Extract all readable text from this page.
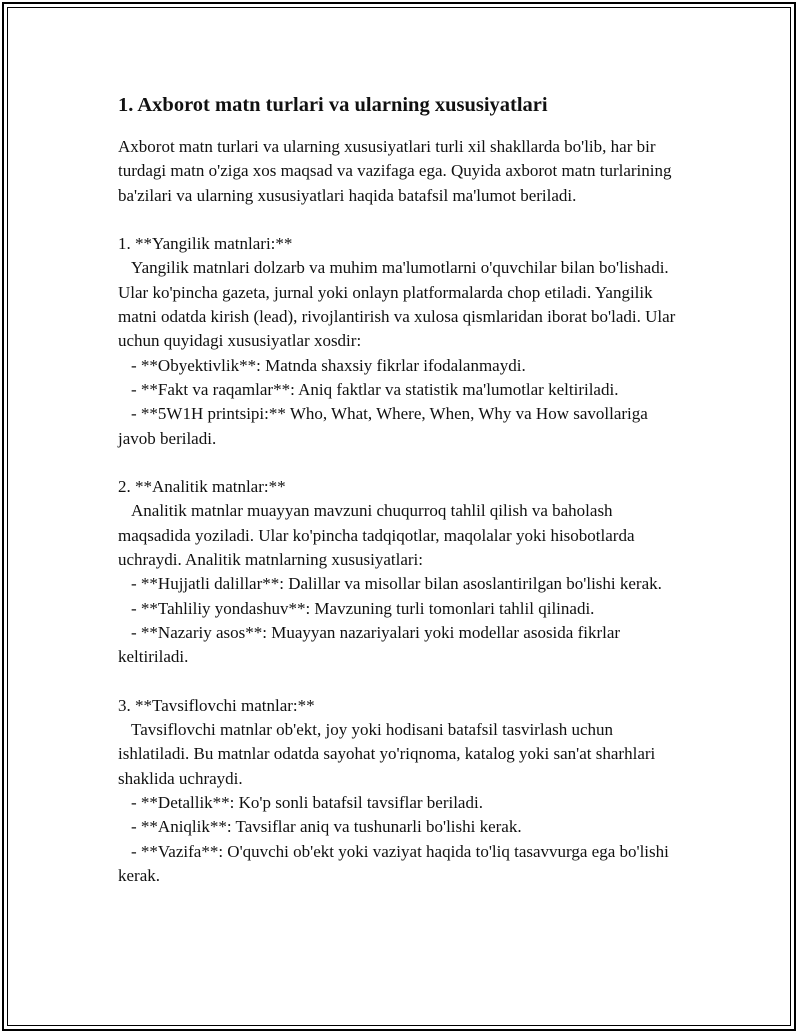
1. Axborot matn turlari va ularning xususiyatlari

Axborot matn turlari va ularning xususiyatlari turli xil shakllarda bo'lib, har bir turdagi matn o'ziga xos maqsad va vazifaga ega. Quyida axborot matn turlarining ba'zilari va ularning xususiyatlari haqida batafsil ma'lumot beriladi.

1. **Yangilik matnlari:**

Yangilik matnlari dolzarb va muhim ma'lumotlarni o'quvchilar bilan bo'lishadi. Ular ko'pincha gazeta, jurnal yoki onlayn platformalarda chop etiladi. Yangilik matni odatda kirish (lead), rivojlantirish va xulosa qismlaridan iborat bo'ladi. Ular uchun quyidagi xususiyatlar xosdir:

- **Obyektivlik**: Matnda shaxsiy fikrlar ifodalanmaydi.

- **Fakt va raqamlar**: Aniq faktlar va statistik ma'lumotlar keltiriladi.

- **5W1H printsipi:** Who, What, Where, When, Why va How savollariga javob beriladi.

2. **Analitik matnlar:**

Analitik matnlar muayyan mavzuni chuqurroq tahlil qilish va baholash maqsadida yoziladi. Ular ko'pincha tadqiqotlar, maqolalar yoki hisobotlarda uchraydi. Analitik matnlarning xususiyatlari:

- **Hujjatli dalillar**: Dalillar va misollar bilan asoslantirilgan bo'lishi kerak.

- **Tahliliy yondashuv**: Mavzuning turli tomonlari tahlil qilinadi.

- **Nazariy asos**: Muayyan nazariyalari yoki modellar asosida fikrlar keltiriladi.

3. **Tavsiflovchi matnlar:**

Tavsiflovchi matnlar ob'ekt, joy yoki hodisani batafsil tasvirlash uchun ishlatiladi. Bu matnlar odatda sayohat yo'riqnoma, katalog yoki san'at sharhlari shaklida uchraydi.

- **Detallik**: Ko'p sonli batafsil tavsiflar beriladi.

- **Aniqlik**: Tavsiflar aniq va tushunarli bo'lishi kerak.

- **Vazifa**: O'quvchi ob'ekt yoki vaziyat haqida to'liq tasavvurga ega bo'lishi kerak.
